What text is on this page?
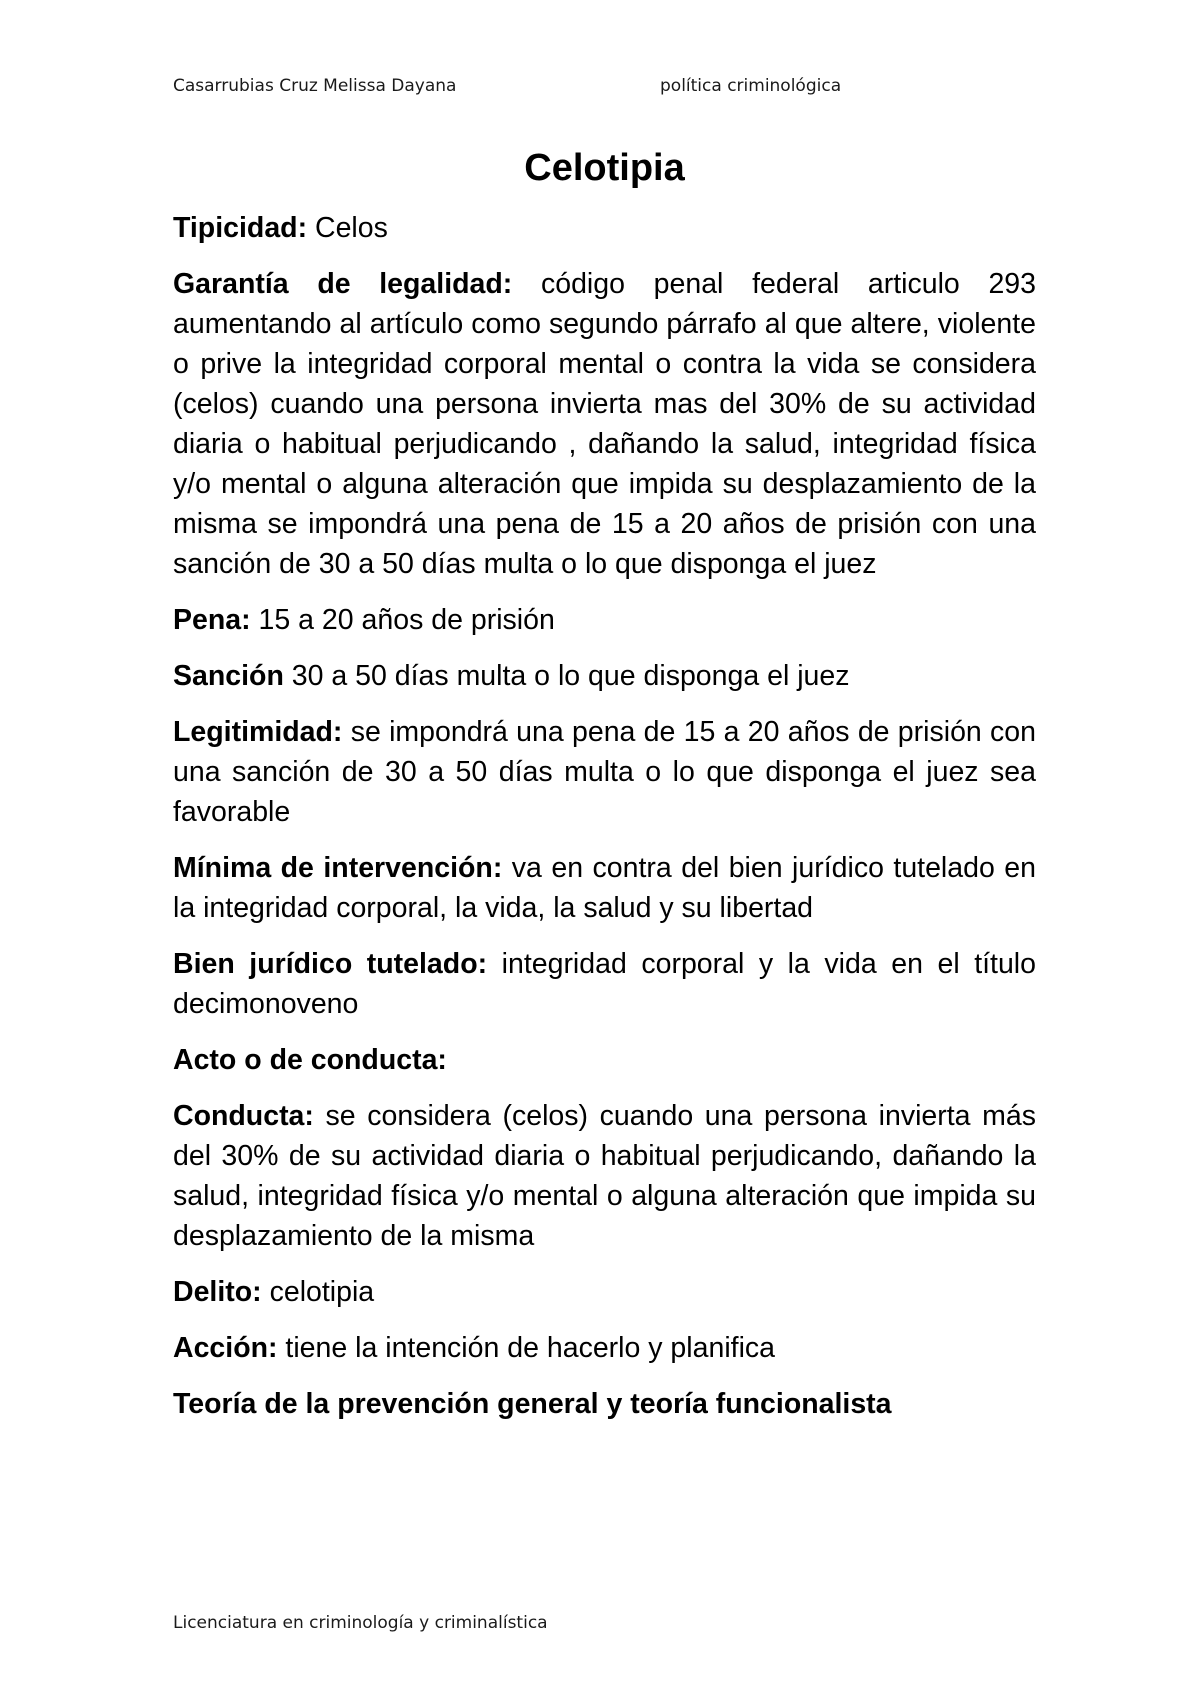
Casarrubias Cruz Melissa Dayana	política criminológica
Celotipia

Tipicidad: Celos

Garantía de legalidad: código penal federal articulo 293 aumentando al artículo como segundo párrafo al que altere, violente o prive la integridad corporal mental o contra la vida se considera (celos) cuando una persona invierta mas del 30% de su actividad diaria o habitual perjudicando , dañando la salud, integridad física y/o mental o alguna alteración que impida su desplazamiento de la misma se impondrá una pena de 15 a 20 años de prisión con una sanción de 30 a 50 días multa o lo que disponga el juez

Pena: 15 a 20 años de prisión

Sanción 30 a 50 días multa o lo que disponga el juez

Legitimidad: se impondrá una pena de 15 a 20 años de prisión con una sanción de 30 a 50 días multa o lo que disponga el juez sea favorable

Mínima de intervención: va en contra del bien jurídico tutelado en la integridad corporal, la vida, la salud y su libertad

Bien jurídico tutelado: integridad corporal y la vida en el título decimonoveno

Acto o de conducta:

Conducta: se considera (celos) cuando una persona invierta más del 30% de su actividad diaria o habitual perjudicando, dañando la salud, integridad física y/o mental o alguna alteración que impida su desplazamiento de la misma

Delito: celotipia

Acción: tiene la intención de hacerlo y planifica

Teoría de la prevención general y teoría funcionalista

Licenciatura en criminología y criminalística
